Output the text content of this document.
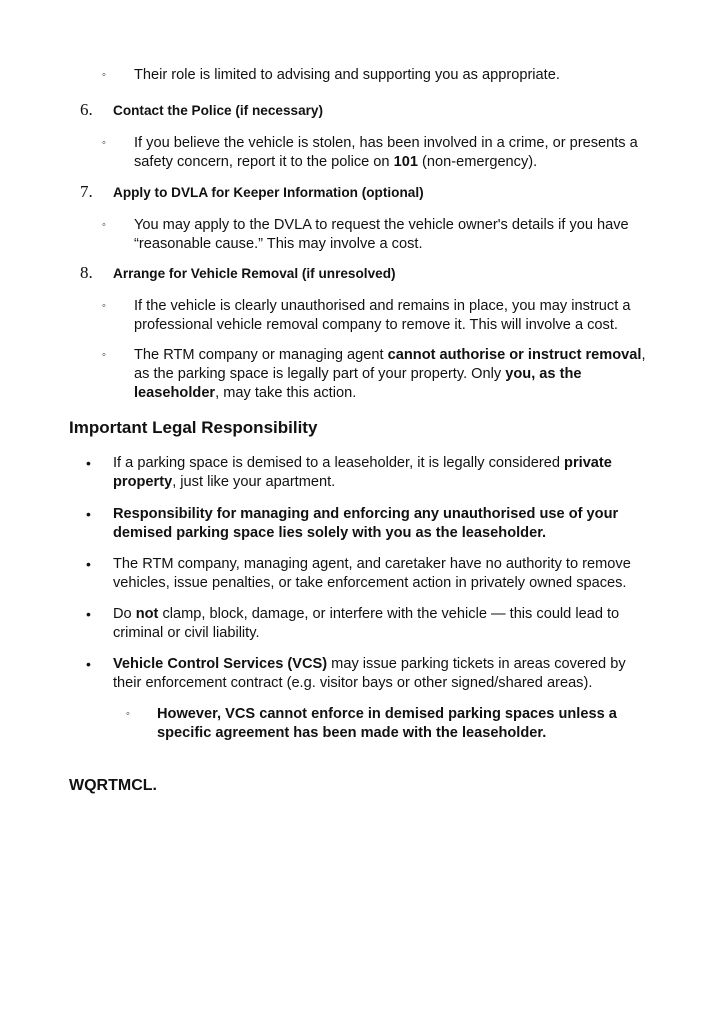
◦ Their role is limited to advising and supporting you as appropriate.
6. Contact the Police (if necessary)
◦ If you believe the vehicle is stolen, has been involved in a crime, or presents a safety concern, report it to the police on 101 (non-emergency).
7. Apply to DVLA for Keeper Information (optional)
◦ You may apply to the DVLA to request the vehicle owner's details if you have “reasonable cause.” This may involve a cost.
8. Arrange for Vehicle Removal (if unresolved)
◦ If the vehicle is clearly unauthorised and remains in place, you may instruct a professional vehicle removal company to remove it. This will involve a cost.
◦ The RTM company or managing agent cannot authorise or instruct removal, as the parking space is legally part of your property. Only you, as the leaseholder, may take this action.
Important Legal Responsibility
• If a parking space is demised to a leaseholder, it is legally considered private property, just like your apartment.
• Responsibility for managing and enforcing any unauthorised use of your demised parking space lies solely with you as the leaseholder.
• The RTM company, managing agent, and caretaker have no authority to remove vehicles, issue penalties, or take enforcement action in privately owned spaces.
• Do not clamp, block, damage, or interfere with the vehicle — this could lead to criminal or civil liability.
• Vehicle Control Services (VCS) may issue parking tickets in areas covered by their enforcement contract (e.g. visitor bays or other signed/shared areas).
◦ However, VCS cannot enforce in demised parking spaces unless a specific agreement has been made with the leaseholder.
WQRTMCL.
